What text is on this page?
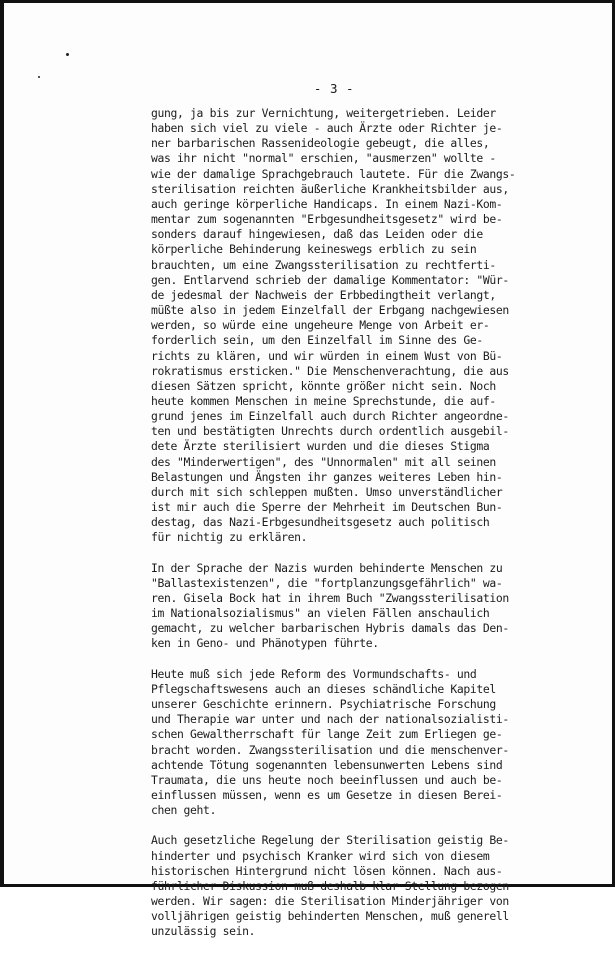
- 3 -

gung, ja bis zur Vernichtung, weitergetrieben. Leider
haben sich viel zu viele - auch Ärzte oder Richter je-
ner barbarischen Rassenideologie gebeugt, die alles,
was ihr nicht "normal" erschien, "ausmerzen" wollte -
wie der damalige Sprachgebrauch lautete. Für die Zwangs-
sterilisation reichten äußerliche Krankheitsbilder aus,
auch geringe körperliche Handicaps. In einem Nazi-Kom-
mentar zum sogenannten "Erbgesundheitsgesetz" wird be-
sonders darauf hingewiesen, daß das Leiden oder die
körperliche Behinderung keineswegs erblich zu sein
brauchten, um eine Zwangssterilisation zu rechtferti-
gen. Entlarvend schrieb der damalige Kommentator: "Wür-
de jedesmal der Nachweis der Erbbedingtheit verlangt,
müßte also in jedem Einzelfall der Erbgang nachgewiesen
werden, so würde eine ungeheure Menge von Arbeit er-
forderlich sein, um den Einzelfall im Sinne des Ge-
richts zu klären, und wir würden in einem Wust von Bü-
rokratismus ersticken." Die Menschenverachtung, die aus
diesen Sätzen spricht, könnte größer nicht sein. Noch
heute kommen Menschen in meine Sprechstunde, die auf-
grund jenes im Einzelfall auch durch Richter angeordne-
ten und bestätigten Unrechts durch ordentlich ausgebil-
dete Ärzte sterilisiert wurden und die dieses Stigma
des "Minderwertigen", des "Unnormalen" mit all seinen
Belastungen und Ängsten ihr ganzes weiteres Leben hin-
durch mit sich schleppen mußten. Umso unverständlicher
ist mir auch die Sperre der Mehrheit im Deutschen Bun-
destag, das Nazi-Erbgesundheitsgesetz auch politisch
für nichtig zu erklären.

In der Sprache der Nazis wurden behinderte Menschen zu
"Ballastexistenzen", die "fortplanzungsgefährlich" wa-
ren. Gisela Bock hat in ihrem Buch "Zwangssterilisation
im Nationalsozialismus" an vielen Fällen anschaulich
gemacht, zu welcher barbarischen Hybris damals das Den-
ken in Geno- und Phänotypen führte.

Heute muß sich jede Reform des Vormundschafts- und
Pflegschaftswesens auch an dieses schändliche Kapitel
unserer Geschichte erinnern. Psychiatrische Forschung
und Therapie war unter und nach der nationalsozialisti-
schen Gewaltherrschaft für lange Zeit zum Erliegen ge-
bracht worden. Zwangssterilisation und die menschenver-
achtende Tötung sogenannten lebensunwerten Lebens sind
Traumata, die uns heute noch beeinflussen und auch be-
einflussen müssen, wenn es um Gesetze in diesen Berei-
chen geht.

Auch gesetzliche Regelung der Sterilisation geistig Be-
hinderter und psychisch Kranker wird sich von diesem
historischen Hintergrund nicht lösen können. Nach aus-
führlicher Diskussion muß deshalb klar Stellung bezogen
werden. Wir sagen: die Sterilisation Minderjähriger von
volljährigen geistig behinderten Menschen, muß generell
unzulässig sein.
